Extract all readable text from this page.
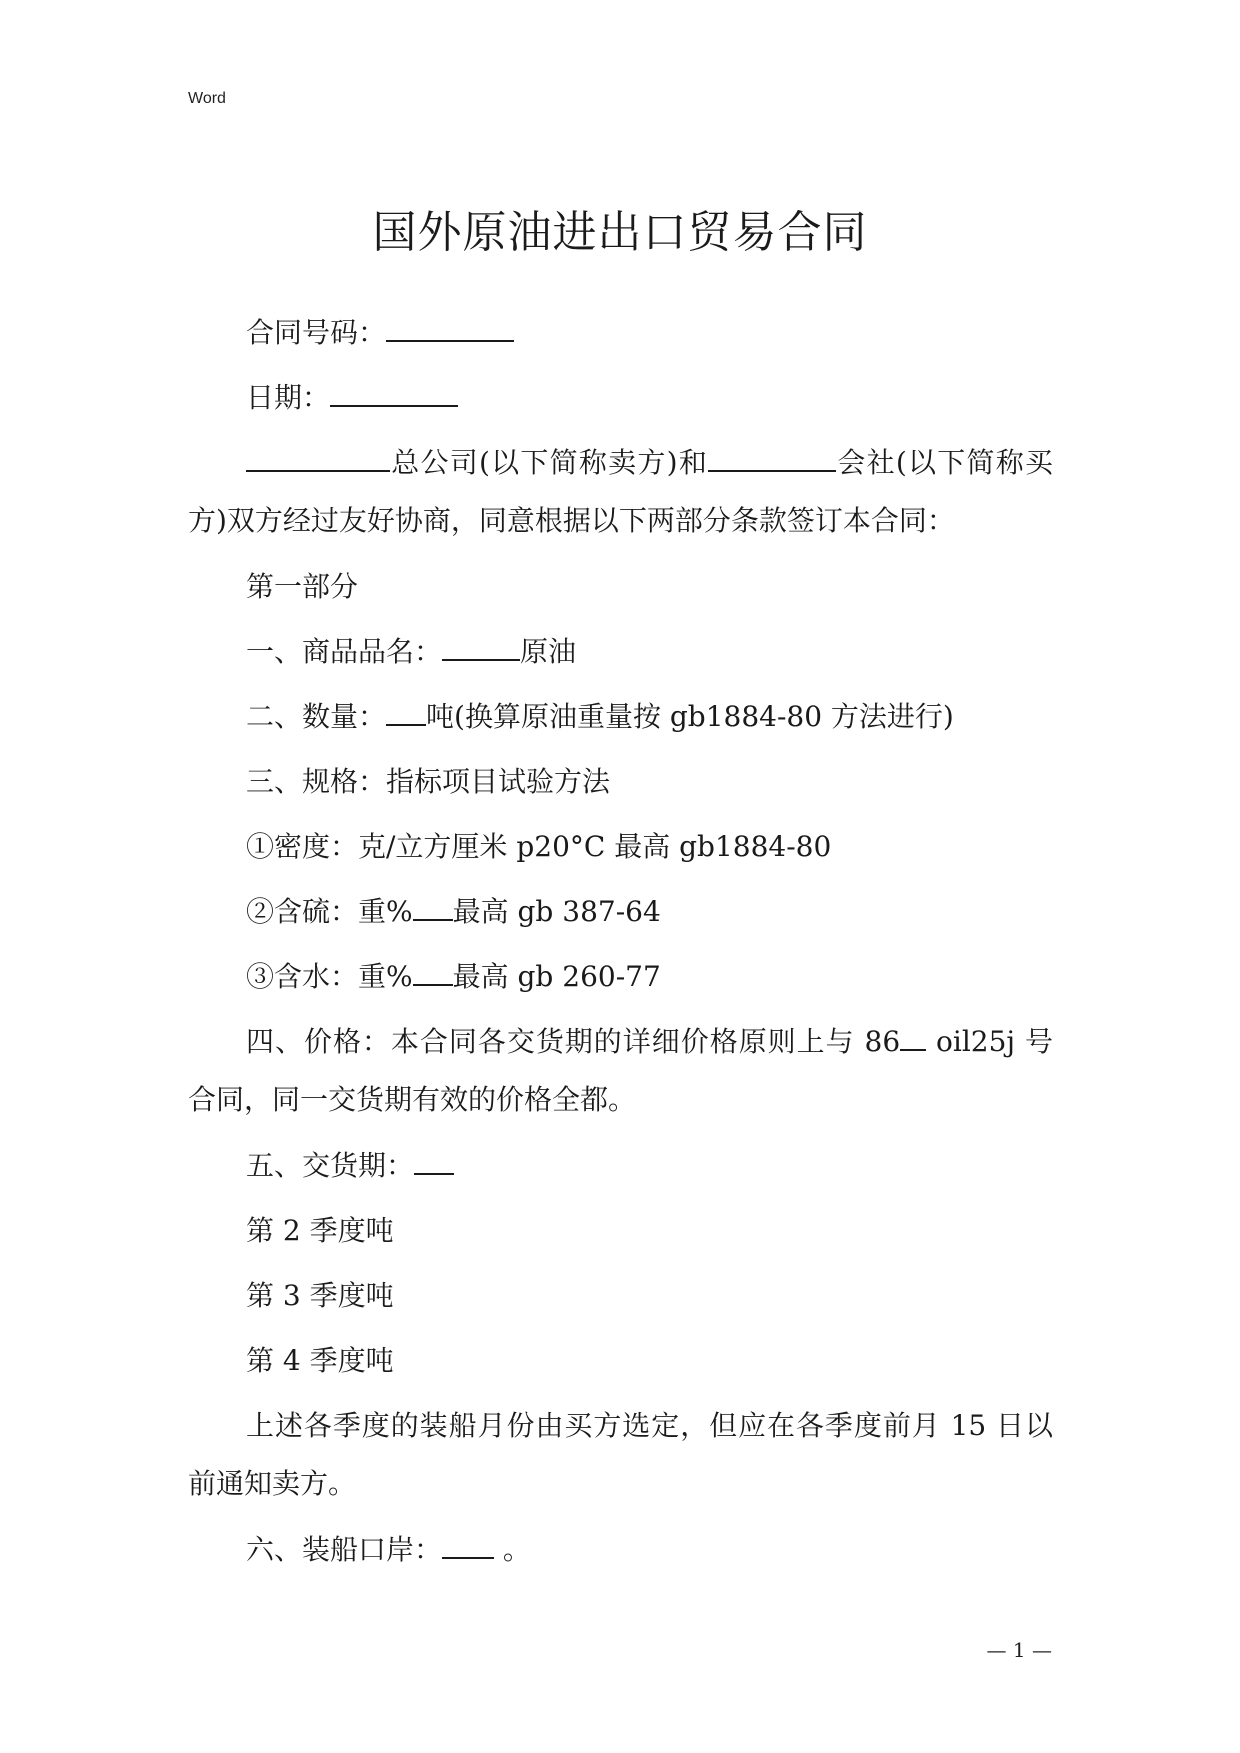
Word
国外原油进出口贸易合同
合同号码：
日期：
总公司(以下简称卖方)和	会社(以下简称买方)双方经过友好协商，同意根据以下两部分条款签订本合同：
第一部分
一、商品品名：	原油
二、数量： 吨(换算原油重量按 gb1884-80 方法进行)
三、规格：指标项目试验方法
①密度：克/立方厘米 p20°C 最高 gb1884-80
②含硫：重% 最高 gb 387-64
③含水：重% 最高 gb 260-77
四、价格：本合同各交货期的详细价格原则上与 86 oil25j 号合同，同一交货期有效的价格全都。
五、交货期：
第 2 季度吨
第 3 季度吨
第 4 季度吨
上述各季度的装船月份由买方选定，但应在各季度前月 15 日以前通知卖方。
六、装船口岸： 。
— 1 —
